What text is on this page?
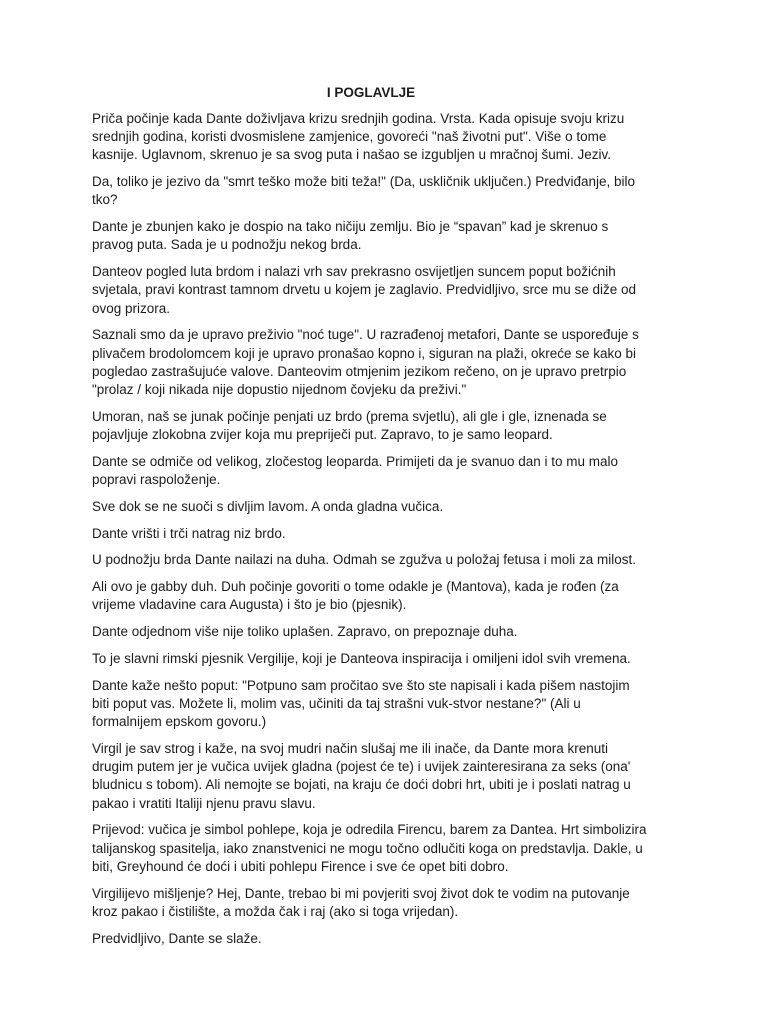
I POGLAVLJE

Priča počinje kada Dante doživljava krizu srednjih godina. Vrsta. Kada opisuje svoju krizu srednjih godina, koristi dvosmislene zamjenice, govoreći "naš životni put". Više o tome kasnije. Uglavnom, skrenuo je sa svog puta i našao se izgubljen u mračnoj šumi. Jeziv.

Da, toliko je jezivo da "smrt teško može biti teža!" (Da, uskličnik uključen.) Predviđanje, bilo tko?

Dante je zbunjen kako je dospio na tako ničiju zemlju. Bio je “spavan” kad je skrenuo s pravog puta. Sada je u podnožju nekog brda.

Danteov pogled luta brdom i nalazi vrh sav prekrasno osvijetljen suncem poput božićnih svjetala, pravi kontrast tamnom drvetu u kojem je zaglavio. Predvidljivo, srce mu se diže od ovog prizora.

Saznali smo da je upravo preživio "noć tuge". U razrađenoj metafori, Dante se uspoređuje s plivačem brodolomcem koji je upravo pronašao kopno i, siguran na plaži, okreće se kako bi pogledao zastrašujuće valove. Danteovim otmjenim jezikom rečeno, on je upravo pretrpio "prolaz / koji nikada nije dopustio nijednom čovjeku da preživi."

Umoran, naš se junak počinje penjati uz brdo (prema svjetlu), ali gle i gle, iznenada se pojavljuje zlokobna zvijer koja mu prepriječi put. Zapravo, to je samo leopard.

Dante se odmiče od velikog, zločestog leoparda. Primijeti da je svanuo dan i to mu malo popravi raspoloženje.

Sve dok se ne suoči s divljim lavom. A onda gladna vučica.

Dante vrišti i trči natrag niz brdo.

U podnožju brda Dante nailazi na duha. Odmah se zgužva u položaj fetusa i moli za milost.

Ali ovo je gabby duh. Duh počinje govoriti o tome odakle je (Mantova), kada je rođen (za vrijeme vladavine cara Augusta) i što je bio (pjesnik).

Dante odjednom više nije toliko uplašen. Zapravo, on prepoznaje duha.

To je slavni rimski pjesnik Vergilije, koji je Danteova inspiracija i omiljeni idol svih vremena.

Dante kaže nešto poput: "Potpuno sam pročitao sve što ste napisali i kada pišem nastojim biti poput vas. Možete li, molim vas, učiniti da taj strašni vuk-stvor nestane?" (Ali u formalnijem epskom govoru.)

Virgil je sav strog i kaže, na svoj mudri način slušaj me ili inače, da Dante mora krenuti drugim putem jer je vučica uvijek gladna (pojest će te) i uvijek zainteresirana za seks (ona' bludnicu s tobom). Ali nemojte se bojati, na kraju će doći dobri hrt, ubiti je i poslati natrag u pakao i vratiti Italiji njenu pravu slavu.

Prijevod: vučica je simbol pohlepe, koja je odredila Firencu, barem za Dantea. Hrt simbolizira talijanskog spasitelja, iako znanstvenici ne mogu točno odlučiti koga on predstavlja. Dakle, u biti, Greyhound će doći i ubiti pohlepu Firence i sve će opet biti dobro.

Virgilijevo mišljenje? Hej, Dante, trebao bi mi povjeriti svoj život dok te vodim na putovanje kroz pakao i čistilište, a možda čak i raj (ako si toga vrijedan).

Predvidljivo, Dante se slaže.
